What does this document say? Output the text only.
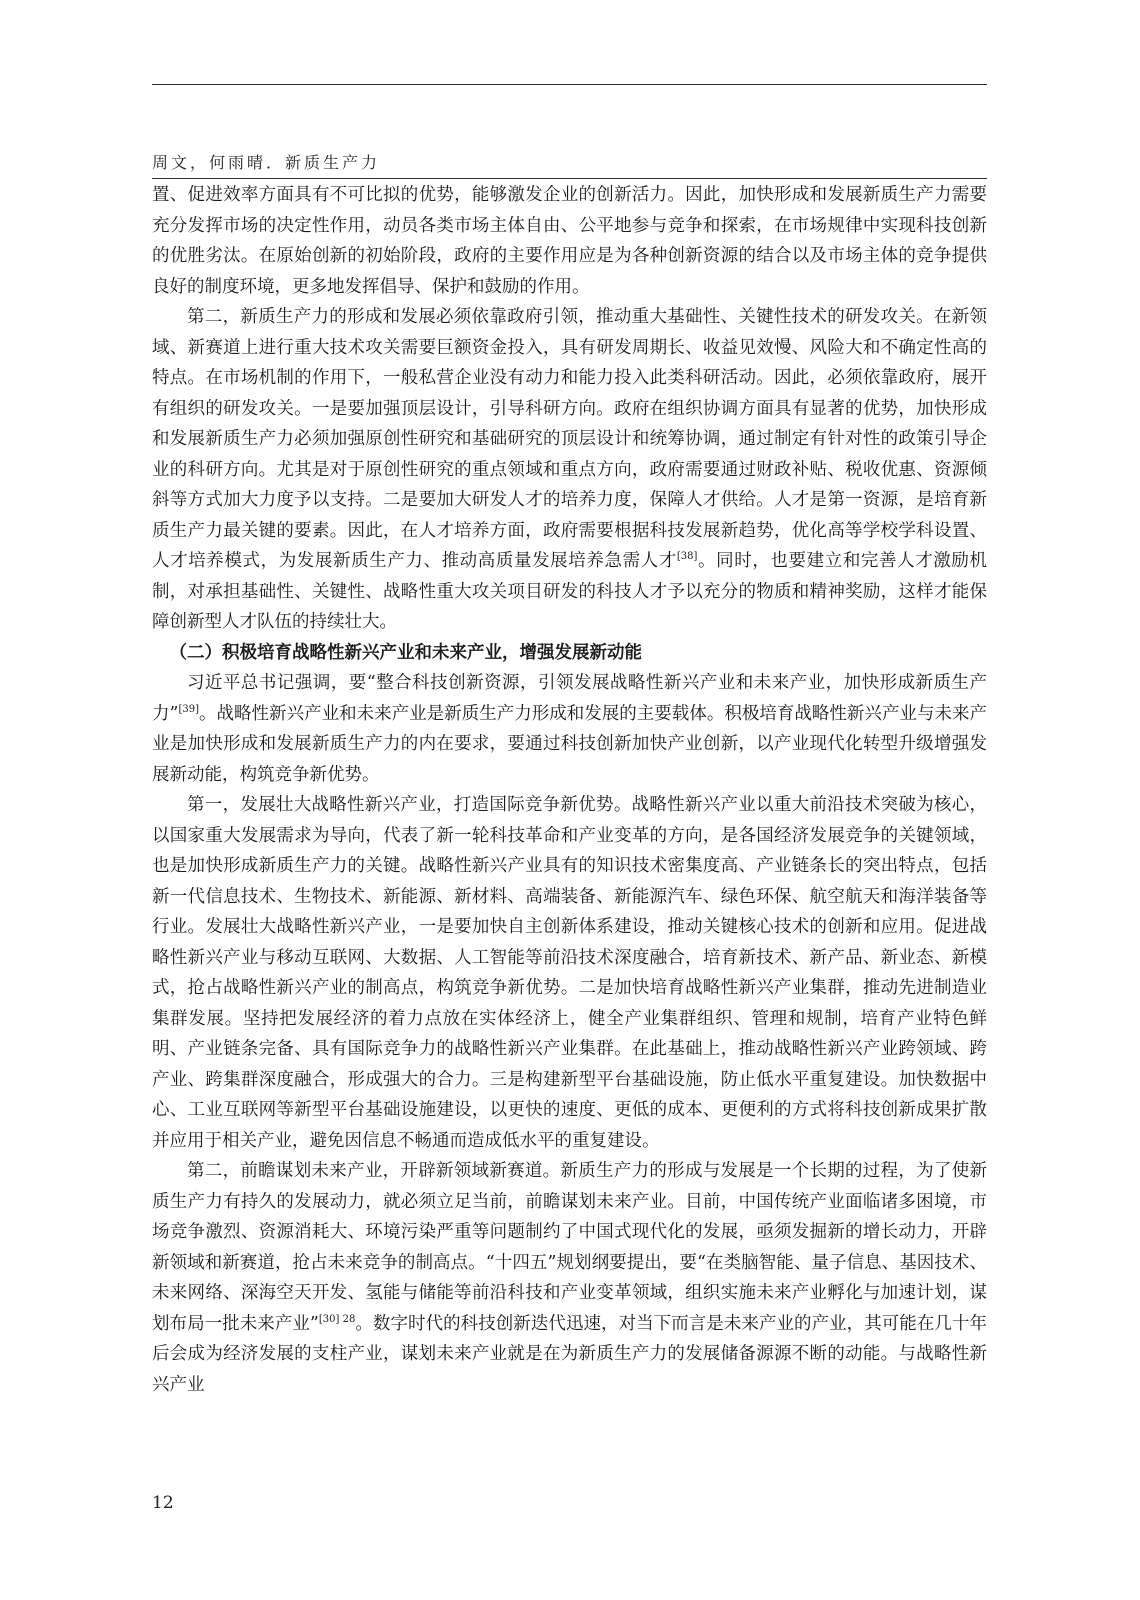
周文，何雨晴．新质生产力

置、促进效率方面具有不可比拟的优势，能够激发企业的创新活力。因此，加快形成和发展新质生产力需要充分发挥市场的决定性作用，动员各类市场主体自由、公平地参与竞争和探索，在市场规律中实现科技创新的优胜劣汰。在原始创新的初始阶段，政府的主要作用应是为各种创新资源的结合以及市场主体的竞争提供良好的制度环境，更多地发挥倡导、保护和鼓励的作用。

第二，新质生产力的形成和发展必须依靠政府引领，推动重大基础性、关键性技术的研发攻关。在新领域、新赛道上进行重大技术攻关需要巨额资金投入，具有研发周期长、收益见效慢、风险大和不确定性高的特点。在市场机制的作用下，一般私营企业没有动力和能力投入此类科研活动。因此，必须依靠政府，展开有组织的研发攻关。一是要加强顶层设计，引导科研方向。政府在组织协调方面具有显著的优势，加快形成和发展新质生产力必须加强原创性研究和基础研究的顶层设计和统筹协调，通过制定有针对性的政策引导企业的科研方向。尤其是对于原创性研究的重点领域和重点方向，政府需要通过财政补贴、税收优惠、资源倾斜等方式加大力度予以支持。二是要加大研发人才的培养力度，保障人才供给。人才是第一资源，是培育新质生产力最关键的要素。因此，在人才培养方面，政府需要根据科技发展新趋势，优化高等学校学科设置、人才培养模式，为发展新质生产力、推动高质量发展培养急需人才[38]。同时，也要建立和完善人才激励机制，对承担基础性、关键性、战略性重大攻关项目研发的科技人才予以充分的物质和精神奖励，这样才能保障创新型人才队伍的持续壮大。

（二）积极培育战略性新兴产业和未来产业，增强发展新动能

习近平总书记强调，要“整合科技创新资源，引领发展战略性新兴产业和未来产业，加快形成新质生产力”[39]。战略性新兴产业和未来产业是新质生产力形成和发展的主要载体。积极培育战略性新兴产业与未来产业是加快形成和发展新质生产力的内在要求，要通过科技创新加快产业创新，以产业现代化转型升级增强发展新动能，构筑竞争新优势。

第一，发展壮大战略性新兴产业，打造国际竞争新优势。战略性新兴产业以重大前沿技术突破为核心，以国家重大发展需求为导向，代表了新一轮科技革命和产业变革的方向，是各国经济发展竞争的关键领域，也是加快形成新质生产力的关键。战略性新兴产业具有的知识技术密集度高、产业链条长的突出特点，包括新一代信息技术、生物技术、新能源、新材料、高端装备、新能源汽车、绿色环保、航空航天和海洋装备等行业。发展壮大战略性新兴产业，一是要加快自主创新体系建设，推动关键核心技术的创新和应用。促进战略性新兴产业与移动互联网、大数据、人工智能等前沿技术深度融合，培育新技术、新产品、新业态、新模式，抢占战略性新兴产业的制高点，构筑竞争新优势。二是加快培育战略性新兴产业集群，推动先进制造业集群发展。坚持把发展经济的着力点放在实体经济上，健全产业集群组织、管理和规制，培育产业特色鲜明、产业链条完备、具有国际竞争力的战略性新兴产业集群。在此基础上，推动战略性新兴产业跨领域、跨产业、跨集群深度融合，形成强大的合力。三是构建新型平台基础设施，防止低水平重复建设。加快数据中心、工业互联网等新型平台基础设施建设，以更快的速度、更低的成本、更便利的方式将科技创新成果扩散并应用于相关产业，避免因信息不畅通而造成低水平的重复建设。

第二，前瞻谋划未来产业，开辟新领域新赛道。新质生产力的形成与发展是一个长期的过程，为了使新质生产力有持久的发展动力，就必须立足当前，前瞻谋划未来产业。目前，中国传统产业面临诸多困境，市场竞争激烈、资源消耗大、环境污染严重等问题制约了中国式现代化的发展，亟须发掘新的增长动力，开辟新领域和新赛道，抢占未来竞争的制高点。“十四五”规划纲要提出，要“在类脑智能、量子信息、基因技术、未来网络、深海空天开发、氢能与储能等前沿科技和产业变革领域，组织实施未来产业孵化与加速计划，谋划布局一批未来产业”$^{[30] 28}$。数字时代的科技创新迭代迅速，对当下而言是未来产业的产业，其可能在几十年后会成为经济发展的支柱产业，谋划未来产业就是在为新质生产力的发展储备源源不断的动能。与战略性新兴产业

12
